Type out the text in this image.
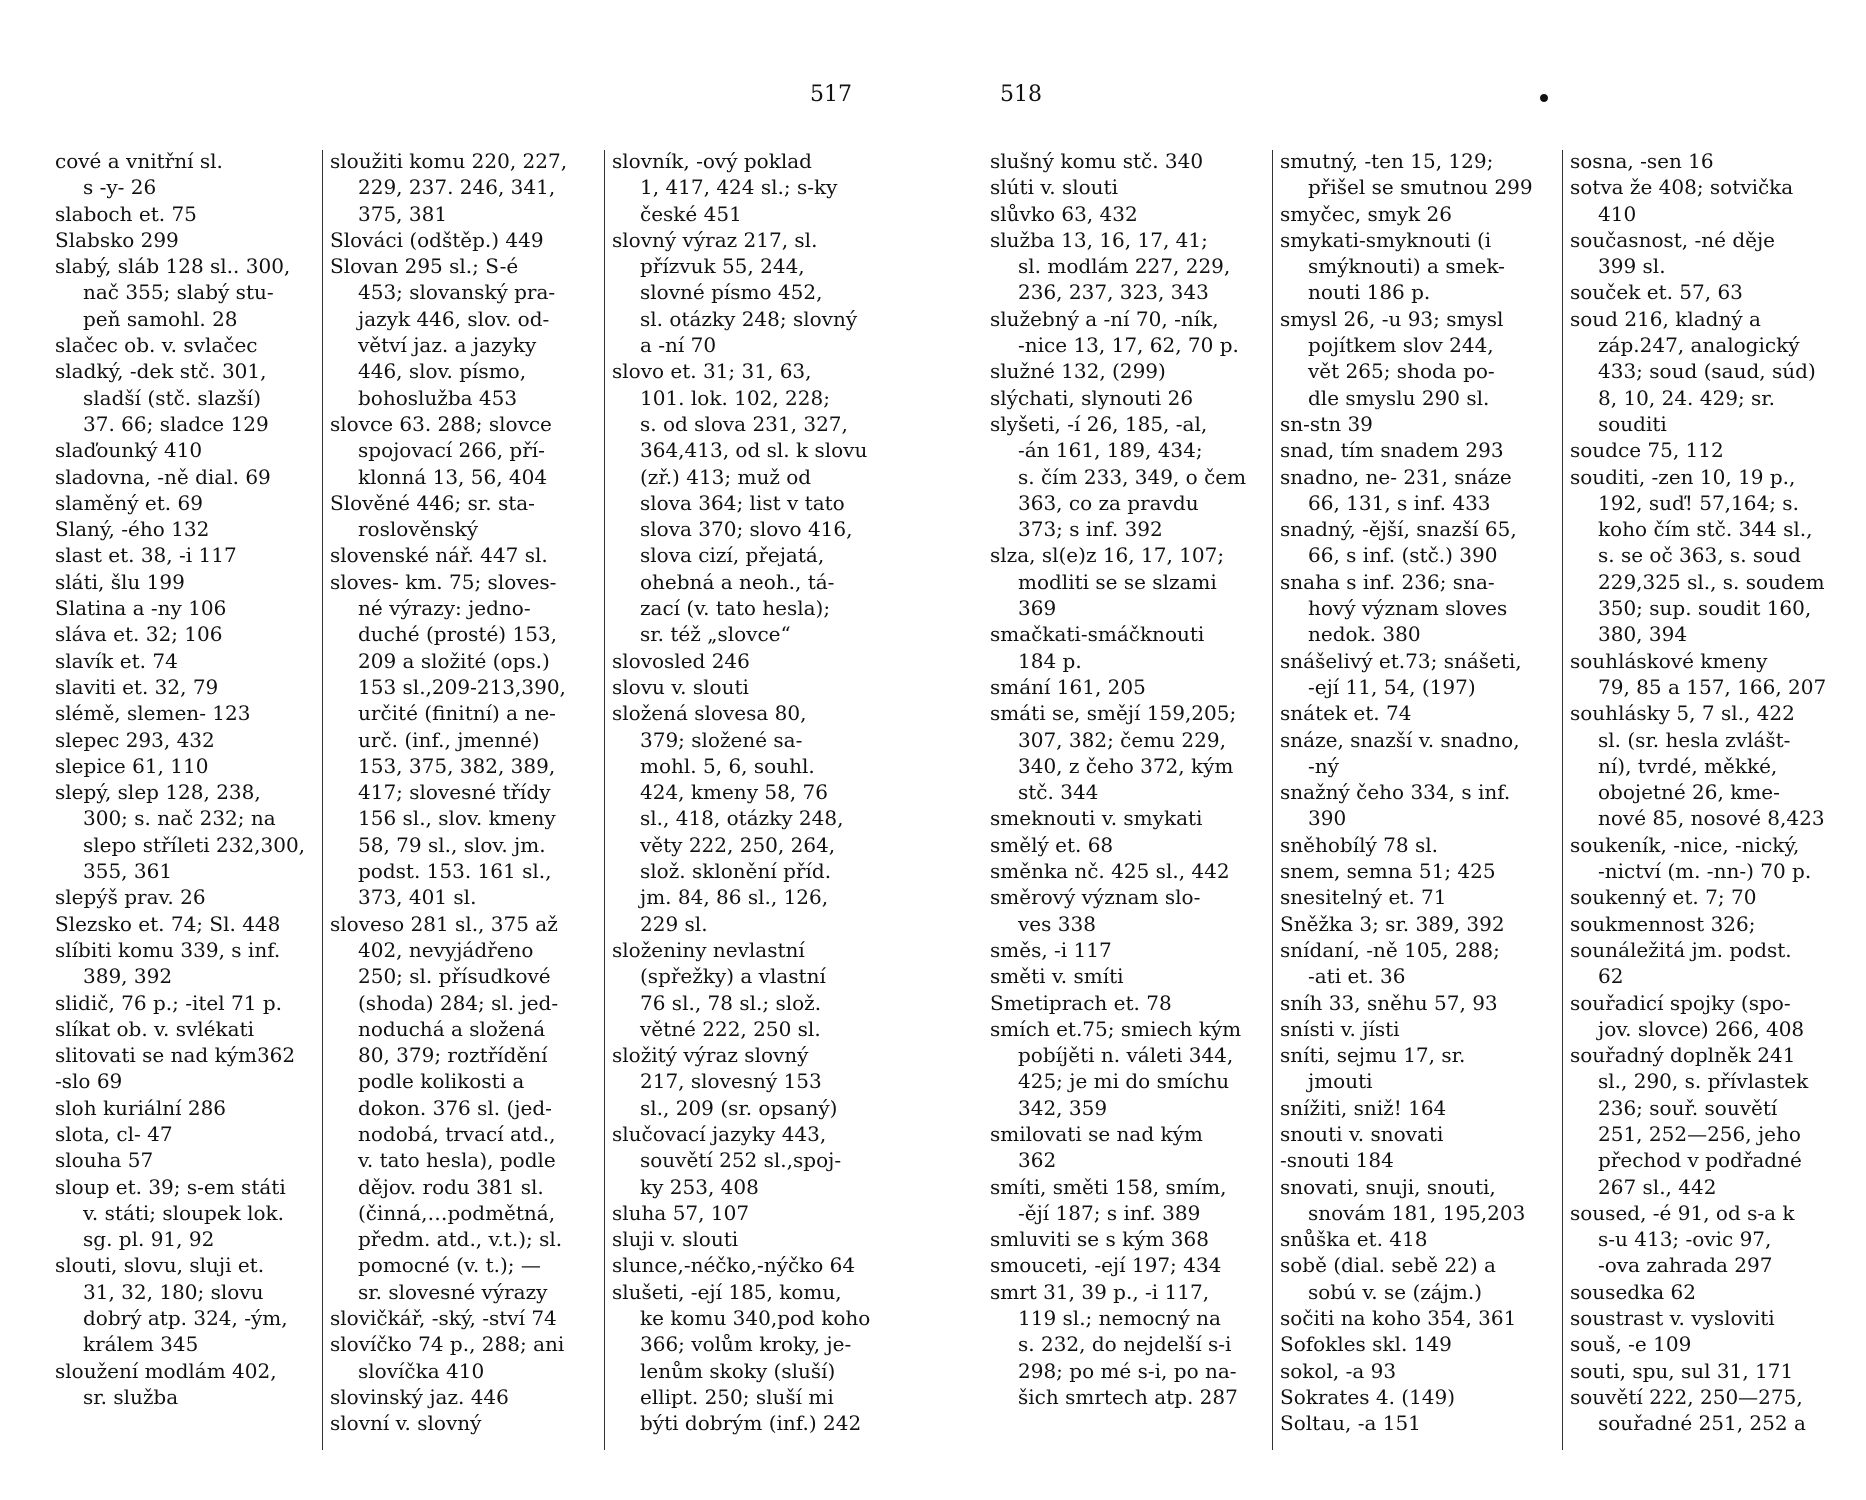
517	518
cové a vnitřní sl.
s -y- 26
slaboch et. 75
Slabsko 299
slabý, sláb 128 sl.. 300,
nač 355; slabý stu-
peň samohl. 28
slačec ob. v. svlačec
sladký, -dek stč. 301,
sladší (stč. slazší)
37. 66; sladce 129
slaďounký 410
sladovna, -ně dial. 69
slaměný et. 69
Slaný, -ého 132
slast et. 38, -i 117
sláti, šlu 199
Slatina a -ny 106
sláva et. 32; 106
slavík et. 74
slaviti et. 32, 79
slémě, slemen- 123
slepec 293, 432
slepice 61, 110
slepý, slep 128, 238,
300; s. nač 232; na
slepo stříleti 232,300,
355, 361
slepýš prav. 26
Slezsko et. 74; Sl. 448
slíbiti komu 339, s inf.
389, 392
slidič, 76 p.; -itel 71 p.
slíkat ob. v. svlékati
slitovati se nad kým362
-slo 69
sloh kuriální 286
slota, cl- 47
slouha 57
sloup et. 39; s-em státi
v. státi; sloupek lok.
sg. pl. 91, 92
slouti, slovu, sluji et.
31, 32, 180; slovu
dobrý atp. 324, -ým,
králem 345
sloužení modlám 402,
sr. služba
sloužiti komu 220, 227,
229, 237. 246, 341,
375, 381
Slováci (odštěp.) 449
Slovan 295 sl.; S-é
453; slovanský pra-
jazyk 446, slov. od-
větví jaz. a jazyky
446, slov. písmo,
bohoslužba 453
slovce 63. 288; slovce
spojovací 266, pří-
klonná 13, 56, 404
Slověné 446; sr. sta-
roslověnský
slovenské nář. 447 sl.
sloves- km. 75; sloves-
né výrazy: jedno-
duché (prosté) 153,
209 a složité (ops.)
153 sl.,209-213,390,
určité (finitní) a ne-
urč. (inf., jmenné)
153, 375, 382, 389,
417; slovesné třídy
156 sl., slov. kmeny
58, 79 sl., slov. jm.
podst. 153. 161 sl.,
373, 401 sl.
sloveso 281 sl., 375 až
402, nevyjádřeno
250; sl. přísudkové
(shoda) 284; sl. jed-
noduchá a složená
80, 379; roztřídění
podle kolikosti a
dokon. 376 sl. (jed-
nodobá, trvací atd.,
v. tato hesla), podle
dějov. rodu 381 sl.
(činná,…podmětná,
předm. atd., v.t.); sl.
pomocné (v. t.); —
sr. slovesné výrazy
slovičkář, -ský, -ství 74
slovíčko 74 p., 288; ani
slovíčka 410
slovinský jaz. 446
slovní v. slovný
slovník, -ový poklad
1, 417, 424 sl.; s-ky
české 451
slovný výraz 217, sl.
přízvuk 55, 244,
slovné písmo 452,
sl. otázky 248; slovný
a -ní 70
slovo et. 31; 31, 63,
101. lok. 102, 228;
s. od slova 231, 327,
364,413, od sl. k slovu
(zř.) 413; muž od
slova 364; list v tato
slova 370; slovo 416,
slova cizí, přejatá,
ohebná a neoh., tá-
zací (v. tato hesla);
sr. též „slovce“
slovosled 246
slovu v. slouti
složená slovesa 80,
379; složené sa-
mohl. 5, 6, souhl.
424, kmeny 58, 76
sl., 418, otázky 248,
věty 222, 250, 264,
slož. sklonění příd.
jm. 84, 86 sl., 126,
229 sl.
složeniny nevlastní
(spřežky) a vlastní
76 sl., 78 sl.; slož.
větné 222, 250 sl.
složitý výraz slovný
217, slovesný 153
sl., 209 (sr. opsaný)
slučovací jazyky 443,
souvětí 252 sl.,spoj-
ky 253, 408
sluha 57, 107
sluji v. slouti
slunce,-néčko,-nýčko 64
slušeti, -ejí 185, komu,
ke komu 340,pod koho
366; volům kroky, je-
lenům skoky (sluší)
ellipt. 250; sluší mi
býti dobrým (inf.) 242
slušný komu stč. 340
slúti v. slouti
slůvko 63, 432
služba 13, 16, 17, 41;
sl. modlám 227, 229,
236, 237, 323, 343
služebný a -ní 70, -ník,
-nice 13, 17, 62, 70 p.
služné 132, (299)
slýchati, slynouti 26
slyšeti, -í 26, 185, -al,
-án 161, 189, 434;
s. čím 233, 349, o čem
363, co za pravdu
373; s inf. 392
slza, sl(e)z 16, 17, 107;
modliti se se slzami
369
smačkati-smáčknouti
184 p.
smání 161, 205
smáti se, smějí 159,205;
307, 382; čemu 229,
340, z čeho 372, kým
stč. 344
smeknouti v. smykati
smělý et. 68
směnka nč. 425 sl., 442
směrový význam slo-
ves 338
směs, -i 117
směti v. smíti
Smetiprach et. 78
smích et.75; smiech kým
pobíjěti n. váleti 344,
425; je mi do smíchu
342, 359
smilovati se nad kým
362
smíti, směti 158, smím,
-ějí 187; s inf. 389
smluviti se s kým 368
smouceti, -ejí 197; 434
smrt 31, 39 p., -i 117,
119 sl.; nemocný na
s. 232, do nejdelší s-i
298; po mé s-i, po na-
šich smrtech atp. 287
smutný, -ten 15, 129;
přišel se smutnou 299
smyčec, smyk 26
smykati-smyknouti (i
smýknouti) a smek-
nouti 186 p.
smysl 26, -u 93; smysl
pojítkem slov 244,
vět 265; shoda po-
dle smyslu 290 sl.
sn-stn 39
snad, tím snadem 293
snadno, ne- 231, snáze
66, 131, s inf. 433
snadný, -ější, snazší 65,
66, s inf. (stč.) 390
snaha s inf. 236; sna-
hový význam sloves
nedok. 380
snášelivý et.73; snášeti,
-ejí 11, 54, (197)
snátek et. 74
snáze, snazší v. snadno,
-ný
snažný čeho 334, s inf.
390
sněhobílý 78 sl.
snem, semna 51; 425
snesitelný et. 71
Sněžka 3; sr. 389, 392
snídaní, -ně 105, 288;
-ati et. 36
sníh 33, sněhu 57, 93
snísti v. jísti
sníti, sejmu 17, sr.
jmouti
snížiti, sniž! 164
snouti v. snovati
-snouti 184
snovati, snuji, snouti,
snovám 181, 195,203
snůška et. 418
sobě (dial. sebě 22) a
sobú v. se (zájm.)
sočiti na koho 354, 361
Sofokles skl. 149
sokol, -a 93
Sokrates 4. (149)
Soltau, -a 151
sosna, -sen 16
sotva že 408; sotvička
410
současnost, -né děje
399 sl.
souček et. 57, 63
soud 216, kladný a
záp.247, analogický
433; soud (saud, súd)
8, 10, 24. 429; sr.
souditi
soudce 75, 112
souditi, -zen 10, 19 p.,
192, suď! 57,164; s.
koho čím stč. 344 sl.,
s. se oč 363, s. soud
229,325 sl., s. soudem
350; sup. soudit 160,
380, 394
souhláskové kmeny
79, 85 a 157, 166, 207
souhlásky 5, 7 sl., 422
sl. (sr. hesla zvlášt-
ní), tvrdé, měkké,
obojetné 26, kme-
nové 85, nosové 8,423
soukeník, -nice, -nický,
-nictví (m. -nn-) 70 p.
soukenný et. 7; 70
soukmennost 326;
sounáležitá jm. podst.
62
souřadicí spojky (spo-
jov. slovce) 266, 408
souřadný doplněk 241
sl., 290, s. přívlastek
236; souř. souvětí
251, 252—256, jeho
přechod v podřadné
267 sl., 442
soused, -é 91, od s-a k
s-u 413; -ovic 97,
-ova zahrada 297
sousedka 62
soustrast v. vysloviti
souš, -e 109
souti, spu, sul 31, 171
souvětí 222, 250—275,
souřadné 251, 252 a
